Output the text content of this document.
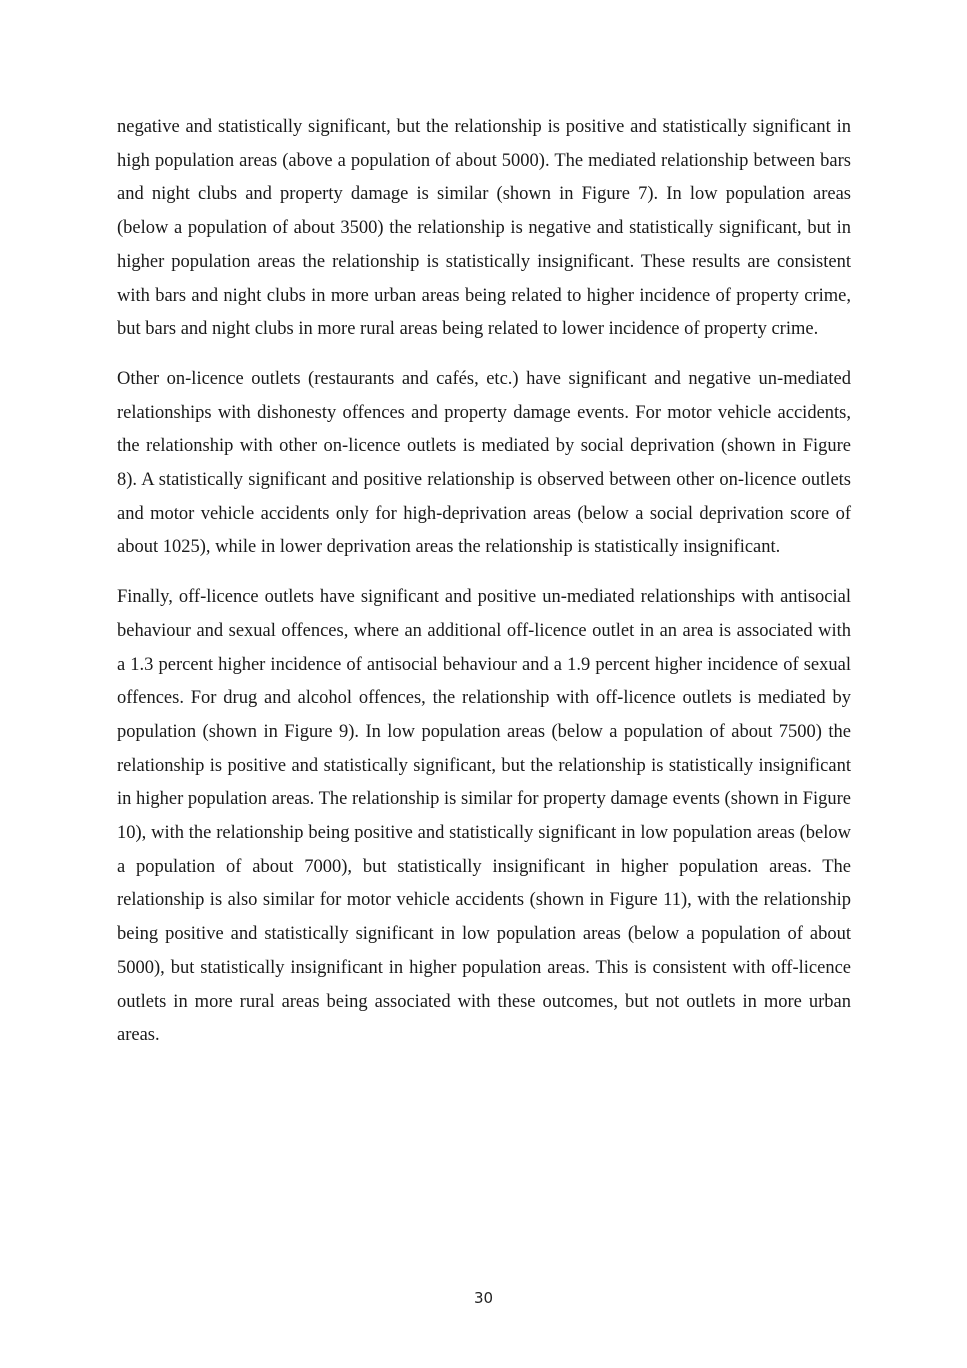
negative and statistically significant, but the relationship is positive and statistically significant in high population areas (above a population of about 5000). The mediated relationship between bars and night clubs and property damage is similar (shown in Figure 7). In low population areas (below a population of about 3500) the relationship is negative and statistically significant, but in higher population areas the relationship is statistically insignificant. These results are consistent with bars and night clubs in more urban areas being related to higher incidence of property crime, but bars and night clubs in more rural areas being related to lower incidence of property crime.

Other on-licence outlets (restaurants and cafés, etc.) have significant and negative un-mediated relationships with dishonesty offences and property damage events. For motor vehicle accidents, the relationship with other on-licence outlets is mediated by social deprivation (shown in Figure 8). A statistically significant and positive relationship is observed between other on-licence outlets and motor vehicle accidents only for high-deprivation areas (below a social deprivation score of about 1025), while in lower deprivation areas the relationship is statistically insignificant.

Finally, off-licence outlets have significant and positive un-mediated relationships with antisocial behaviour and sexual offences, where an additional off-licence outlet in an area is associated with a 1.3 percent higher incidence of antisocial behaviour and a 1.9 percent higher incidence of sexual offences. For drug and alcohol offences, the relationship with off-licence outlets is mediated by population (shown in Figure 9). In low population areas (below a population of about 7500) the relationship is positive and statistically significant, but the relationship is statistically insignificant in higher population areas. The relationship is similar for property damage events (shown in Figure 10), with the relationship being positive and statistically significant in low population areas (below a population of about 7000), but statistically insignificant in higher population areas. The relationship is also similar for motor vehicle accidents (shown in Figure 11), with the relationship being positive and statistically significant in low population areas (below a population of about 5000), but statistically insignificant in higher population areas. This is consistent with off-licence outlets in more rural areas being associated with these outcomes, but not outlets in more urban areas.

30
